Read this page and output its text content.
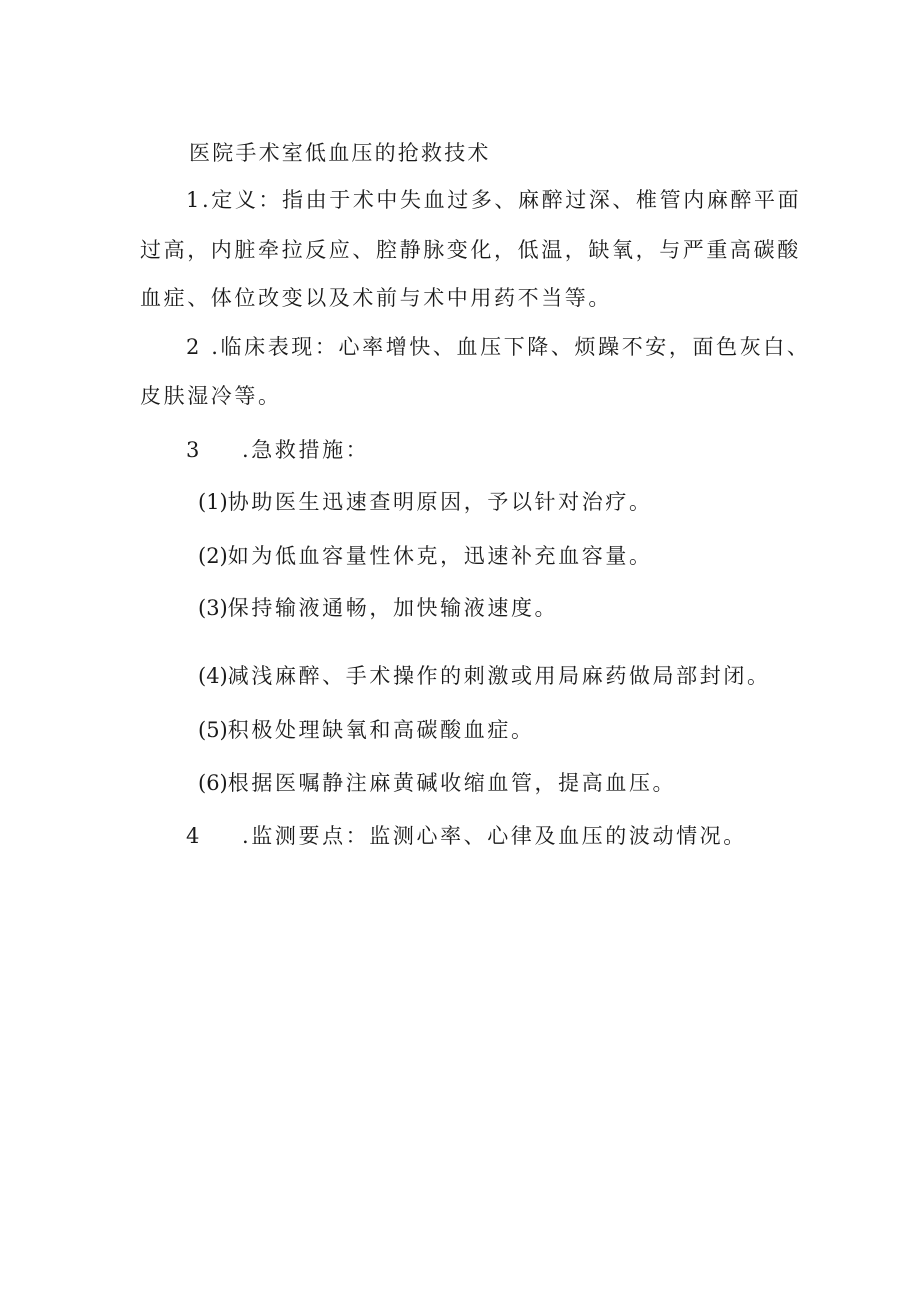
医院手术室低血压的抢救技术
1.定义：指由于术中失血过多、麻醉过深、椎管内麻醉平面
过高，内脏牵拉反应、腔静脉变化，低温，缺氧，与严重高碳酸
血症、体位改变以及术前与术中用药不当等。
2 .临床表现：心率增快、血压下降、烦躁不安，面色灰白、
皮肤湿冷等。
3 .急救措施：
(1)协助医生迅速查明原因，予以针对治疗。
(2)如为低血容量性休克，迅速补充血容量。
(3)保持输液通畅，加快输液速度。
(4)减浅麻醉、手术操作的刺激或用局麻药做局部封闭。
(5)积极处理缺氧和高碳酸血症。
(6)根据医嘱静注麻黄碱收缩血管，提高血压。
4 .监测要点：监测心率、心律及血压的波动情况。
